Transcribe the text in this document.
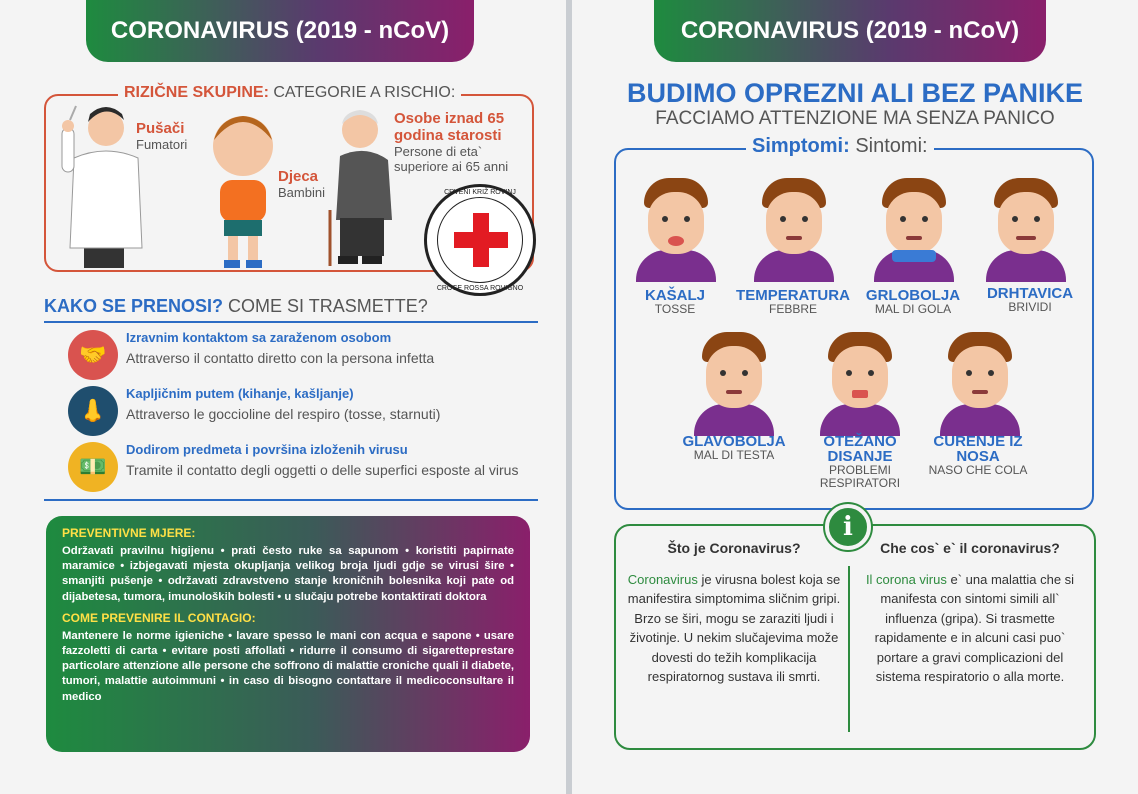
CORONAVIRUS (2019 - nCoV)
RIZIČNE SKUPINE: CATEGORIE A RISCHIO:
Pušači
Fumatori
Djeca
Bambini
Osobe iznad 65 godina starosti
Persone di eta` superiore ai 65 anni
CRVENI KRIŽ ROVINJ
CROCE ROSSA ROVIGNO
KAKO SE PRENOSI? COME SI TRASMETTE?
🤝
Izravnim kontaktom sa zaraženom osobom
Attraverso il contatto diretto con la persona infetta
👃
Kapljičnim putem (kihanje, kašljanje)
Attraverso le goccioline del respiro (tosse, starnuti)
💵
Dodirom predmeta i površina izloženih virusu
Tramite il contatto degli oggetti o delle superfici esposte al virus
PREVENTIVNE MJERE:
Održavati pravilnu higijenu • prati često ruke sa sapunom • koristiti papirnate maramice • izbjegavati mjesta okupljanja velikog broja ljudi gdje se virusi šire • smanjiti pušenje • održavati zdravstveno stanje kroničnih bolesnika koji pate od dijabetesa, tumora, imunoloških bolesti • u slučaju potrebe kontaktirati doktora
COME PREVENIRE IL CONTAGIO:
Mantenere le norme igieniche • lavare spesso le mani con acqua e sapone • usare fazzoletti di carta • evitare posti affollati • ridurre il consumo di sigaretteprestare particolare attenzione alle persone che soffrono di malattie croniche quali il diabete, tumori, malattie autoimmuni • in caso di bisogno contattare il medicoconsultare il medico
CORONAVIRUS (2019 - nCoV)
BUDIMO OPREZNI ALI BEZ PANIKE
FACCIAMO ATTENZIONE MA SENZA PANICO
Simptomi: Sintomi:
KAŠALJ
TOSSE
TEMPERATURA
FEBBRE
GRLOBOLJA
MAL DI GOLA
DRHTAVICA
BRIVIDI
GLAVOBOLJA
MAL DI TESTA
OTEŽANO DISANJE
PROBLEMI RESPIRATORI
CURENJE IZ NOSA
NASO CHE COLA
i
Što je Coronavirus?
Coronavirus je virusna bolest koja se manifestira simptomima sličnim gripi. Brzo se širi, mogu se zaraziti ljudi i životinje. U nekim slučajevima može dovesti do težih komplikacija respiratornog sustava ili smrti.
Che cos` e` il coronavirus?
Il corona virus e` una malattia che si manifesta con sintomi simili all` influenza (gripa). Si trasmette rapidamente e in alcuni casi puo` portare a gravi complicazioni del sistema respiratorio o alla morte.
